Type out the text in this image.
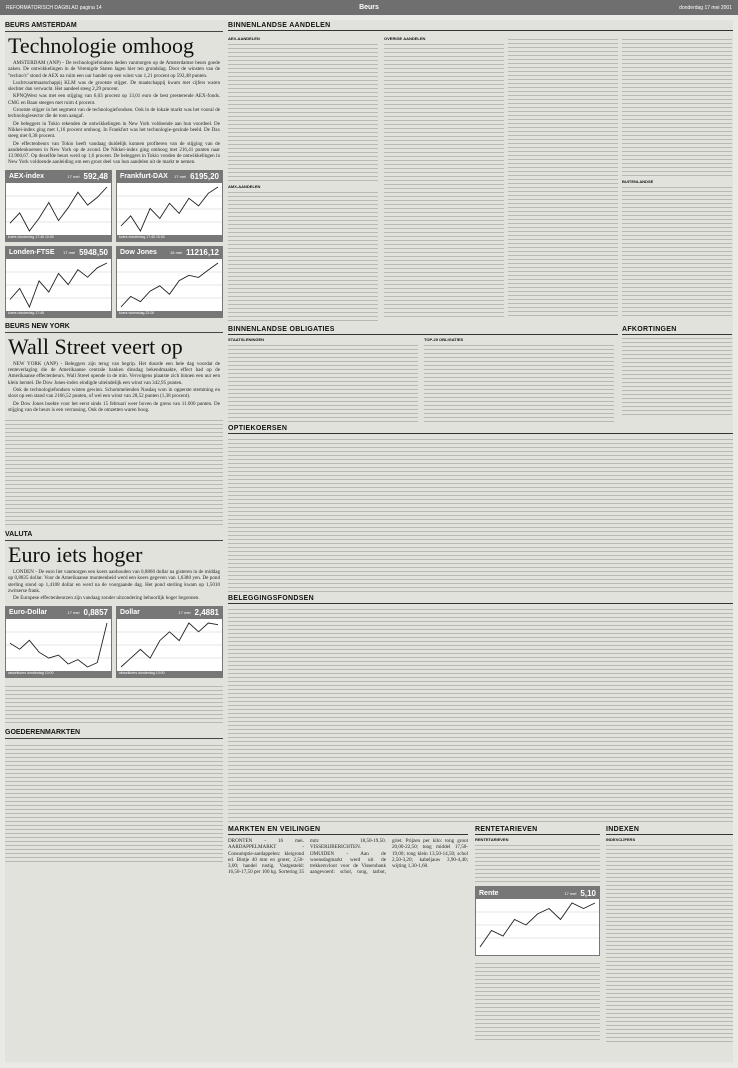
REFORMATORISCH DAGBLAD pagina 14	Beurs	donderdag 17 mei 2001
BEURS AMSTERDAM
Technologie omhoog

AMSTERDAM (ANP) - De technologiefondsen deden vanmorgen op de Amsterdamse beurs goede zaken. De ontwikkelingen in de Verenigde Staten lagen hier ten grondslag. Door de winsten van de "techno's" stond de AEX na ruim een uur handel op een winst van 1,21 procent op 592,48 punten.

Luchtvaartmaatschappij KLM was de grootste stijger. De maatschappij kwam met cijfers waren slechter dan verwacht. Het aandeel steeg 2,29 procent.

KPNQWest was met een stijging van 6,03 procent op 13,01 euro de best presterende AEX-fonds. CMG en Baan steegen met ruim 4 procent.

Grootste stijger in het segment van de technologiefondsen. Ook in de lokale markt was het vooral de technologiesector die de toon aangaf.

De beleggers in Tokio rekenden de ontwikkelingen in New York voldoende aan hun voordeel. De Nikkei-index ging met 1,16 procent omhoog. In Frankfurt was het technologie-gezinde beeld. De Dax steeg met 0,38 procent.

De effectenbeurs van Tokio heeft vandaag duidelijk kunnen profiteren van de stijging van de aandelenkoersen in New York op de avond. De Nikkei-index ging omhoog met 216,41 punten naar 13.960,67. Op dezelfde beurs werd op 1,6 procent. De beleggers in Tokio vonden de ontwikkelingen in New York voldoende aanleiding om een groot deel van hun aandelen uit de markt te nemen.

AEX-index	17 mei 592,48
koers donderdag 17:45 10:00
Frankfurt-DAX 17 mei 6195,20
koers donderdag 17:45 10:00
Londen-FTSE 17 mei 5948,50
koers donderdag 17:45
Dow Jones	16 mei 11216,12
koers woensdag 22:00
BEURS NEW YORK
Wall Street veert op

NEW YORK (ANP) - Beleggers zijn terug van begrip. Het duurde een hele dag voordat de renteverlaging die de Amerikaanse centrale banken dinsdag bekendmaakte, effect had op de Amerikaanse effectenbeurs. Wall Street opende in de min. Vervolgens plaatste zich binnen een uur een klein herstel. De Dow Jones-index eindigde uiteindelijk een winst van 342,95 punten.

Ook de technologiefondsen wisten gewinn. Schommelenden Nasdaq won in opperste stemming en sloot op een stand van 2166,52 punten, of wel een winst van 28,52 punten (1,38 procent).

De Dow Jones boekte voor het eerst sinds 15 februari weer boven de grens van 11.000 punten. De stijging van de beurs is een verrassing. Ook de omzetten waren hoog.

VALUTA
Euro iets hoger

LONDEN - De euro liet vanmorgen een koers aanhouden van 0,8860 dollar na gisteren in de middag op 0,8835 dollar. Voor de Amerikaanse munteenheid werd een koers gegeven van 1,6380 yen. De pond sterling stond op 1,4108 dollar en werd na de voorgaande dag. Het pond sterling kwam op 1,5010 zwitserse frank.

De Europese effectenbeurzen zijn vandaag zonder uitzondering behoorlijk hoger begonnen.

Euro-Dollar	17 mei 0,8857
wisselkoers donderdag 10:00
Dollar	17 mei 2,4881
wisselkoers donderdag 10:00
GOEDERENMARKTEN
BINNENLANDSE AANDELEN
AEX-AANDELEN
AMX-AANDELEN
OVERIGE AANDELEN
BUITENLANDSE
BINNENLANDSE OBLIGATIES
STAATSLENINGEN	TOP-25 OBLIGATIES
AFKORTINGEN
OPTIEKOERSEN
BELEGGINGSFONDSEN
MARKTEN EN VEILINGEN
DRONTEN - 16 mei. AARDAPPELMARKT - Consumptie-aardappelen: kleigrond ed. Bintje 40 mm en groter, 2,50-3,00; handel rustig. Vastgesteld: 16,50-17,50 per 100 kg. Sortering 35 mm: 18,50-19,50. VISSERIJBERICHTEN. IJMUIDEN - Aan de woensdagmarkt werd uit de trekkersvloot voor de Vissersbank aangevoerd: schol, tong, tarbot, griet. Prijzen per kilo: tong groot 20,00-22,50; tong middel 17,50-19,00; tong klein 13,50-14,50; schol 2,50-3,20; kabeljauw 3,90-4,40; wijting 1,30-1,60.
RENTETARIEVEN
RENTETARIEVEN
Rente	17 mei 5,10
INDEXEN
INDEXCIJFERS
